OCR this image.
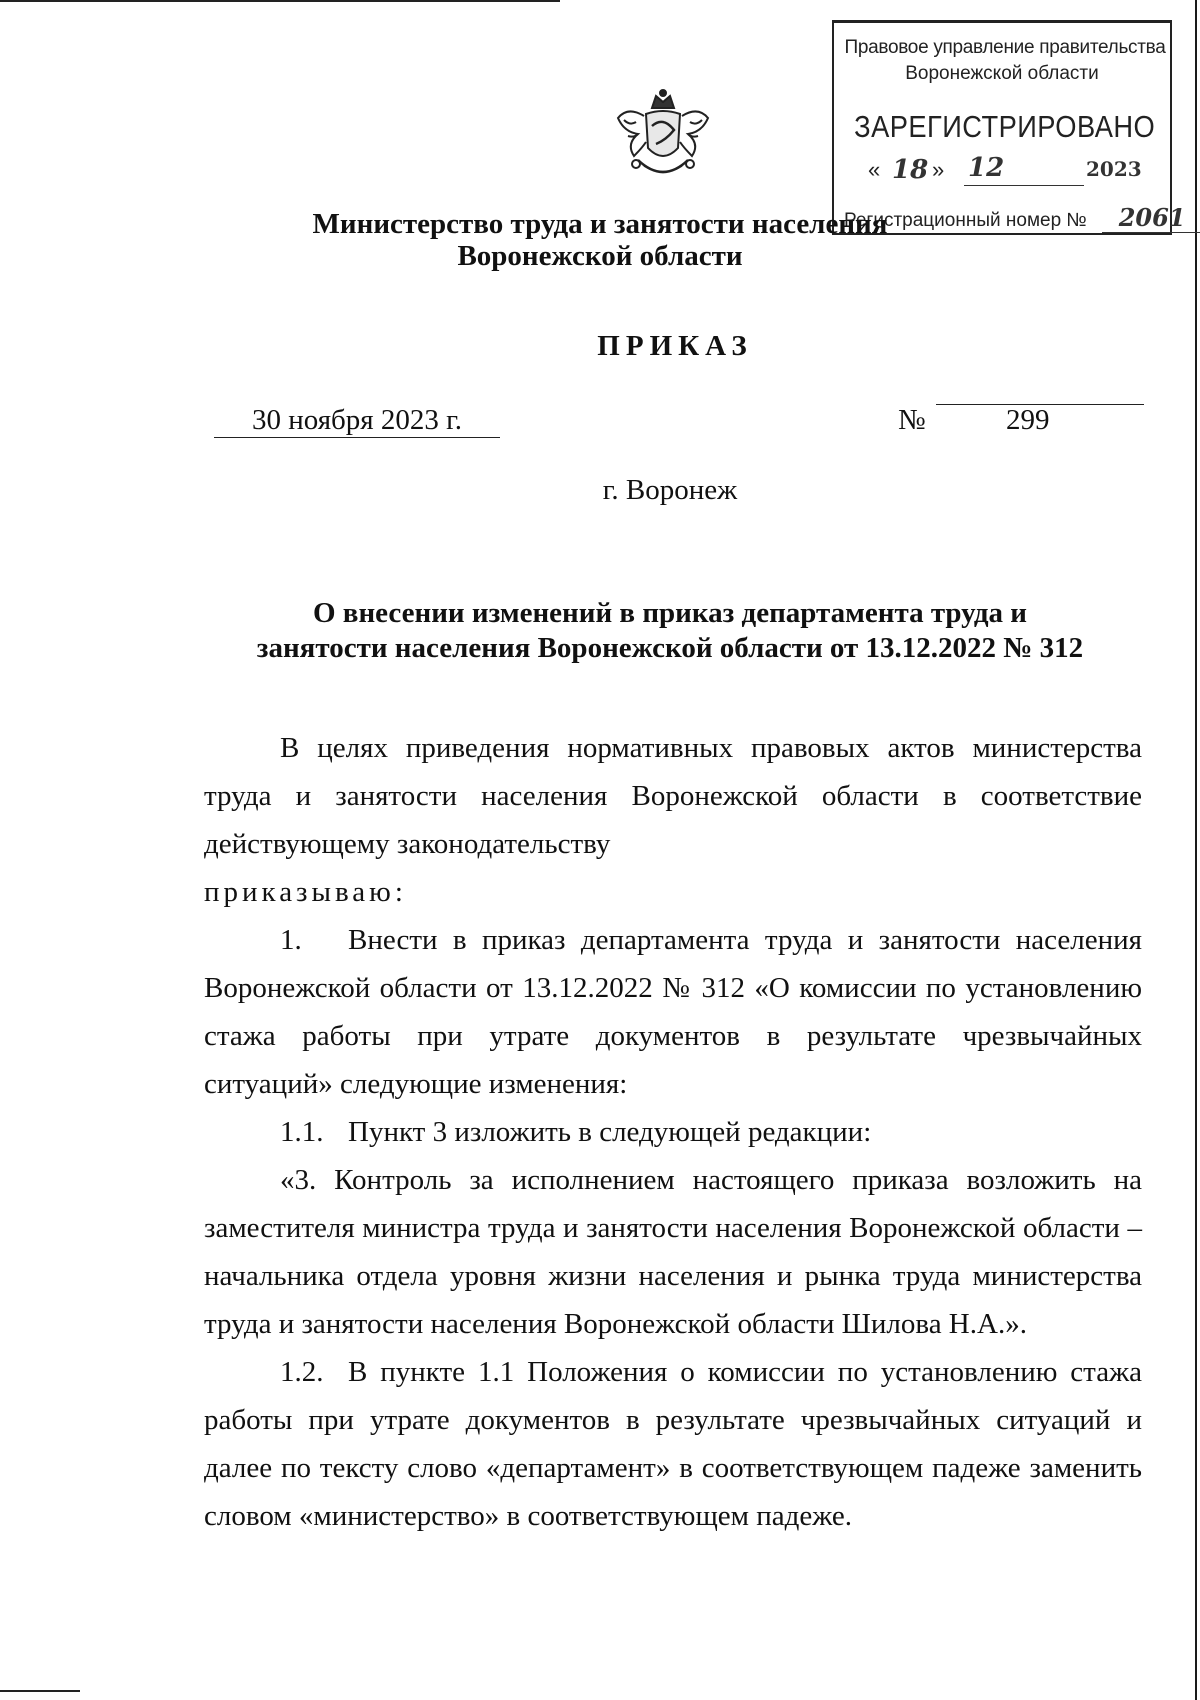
Правовое управление правительства
Воронежской области
ЗАРЕГИСТРИРОВАНО
« 18 » 12	2023
Регистрационный номер № 2061
Министерство труда и занятости населения
Воронежской области
ПРИКАЗ
30 ноября 2023 г.	№	299
г. Воронеж
О внесении изменений в приказ департамента труда и
занятости населения Воронежской области от 13.12.2022 № 312
В целях приведения нормативных правовых актов министерства труда и занятости населения Воронежской области в соответствие действующему законодательству
приказываю:
1. Внести в приказ департамента труда и занятости населения Воронежской области от 13.12.2022 № 312 «О комиссии по установлению стажа работы при утрате документов в результате чрезвычайных ситуаций» следующие изменения:
1.1. Пункт 3 изложить в следующей редакции:
«3. Контроль за исполнением настоящего приказа возложить на заместителя министра труда и занятости населения Воронежской области – начальника отдела уровня жизни населения и рынка труда министерства труда и занятости населения Воронежской области Шилова Н.А.».
1.2. В пункте 1.1 Положения о комиссии по установлению стажа работы при утрате документов в результате чрезвычайных ситуаций и далее по тексту слово «департамент» в соответствующем падеже заменить словом «министерство» в соответствующем падеже.
